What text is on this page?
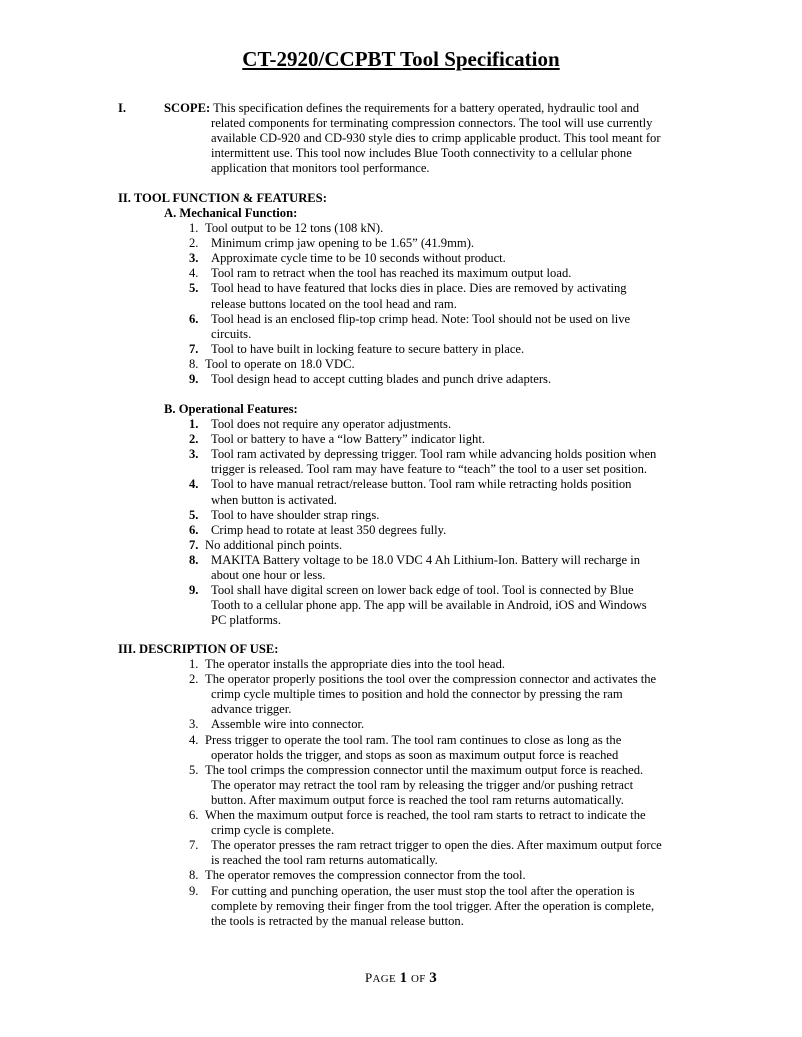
CT-2920/CCPBT Tool Specification
I.	SCOPE: This specification defines the requirements for a battery operated, hydraulic tool and
related components for terminating compression connectors. The tool will use currently
available CD-920 and CD-930 style dies to crimp applicable product. This tool meant for
intermittent use. This tool now includes Blue Tooth connectivity to a cellular phone
application that monitors tool performance.
II. TOOL FUNCTION & FEATURES:
A. Mechanical Function:
1. Tool output to be 12 tons (108 kN).
2. Minimum crimp jaw opening to be 1.65” (41.9mm).
3. Approximate cycle time to be 10 seconds without product.
4. Tool ram to retract when the tool has reached its maximum output load.
5. Tool head to have featured that locks dies in place. Dies are removed by activating
release buttons located on the tool head and ram.
6. Tool head is an enclosed flip-top crimp head. Note: Tool should not be used on live
circuits.
7. Tool to have built in locking feature to secure battery in place.
8. Tool to operate on 18.0 VDC.
9. Tool design head to accept cutting blades and punch drive adapters.
B. Operational Features:
1. Tool does not require any operator adjustments.
2. Tool or battery to have a “low Battery” indicator light.
3. Tool ram activated by depressing trigger. Tool ram while advancing holds position when
trigger is released. Tool ram may have feature to “teach” the tool to a user set position.
4. Tool to have manual retract/release button. Tool ram while retracting holds position
when button is activated.
5. Tool to have shoulder strap rings.
6. Crimp head to rotate at least 350 degrees fully.
7. No additional pinch points.
8. MAKITA Battery voltage to be 18.0 VDC 4 Ah Lithium-Ion. Battery will recharge in
about one hour or less.
9. Tool shall have digital screen on lower back edge of tool. Tool is connected by Blue
Tooth to a cellular phone app. The app will be available in Android, iOS and Windows
PC platforms.
III. DESCRIPTION OF USE:
1. The operator installs the appropriate dies into the tool head.
2. The operator properly positions the tool over the compression connector and activates the
crimp cycle multiple times to position and hold the connector by pressing the ram
advance trigger.
3. Assemble wire into connector.
4. Press trigger to operate the tool ram. The tool ram continues to close as long as the
operator holds the trigger, and stops as soon as maximum output force is reached
5. The tool crimps the compression connector until the maximum output force is reached.
The operator may retract the tool ram by releasing the trigger and/or pushing retract
button. After maximum output force is reached the tool ram returns automatically.
6. When the maximum output force is reached, the tool ram starts to retract to indicate the
crimp cycle is complete.
7. The operator presses the ram retract trigger to open the dies. After maximum output force
is reached the tool ram returns automatically.
8. The operator removes the compression connector from the tool.
9. For cutting and punching operation, the user must stop the tool after the operation is
complete by removing their finger from the tool trigger. After the operation is complete,
the tools is retracted by the manual release button.
PAGE 1 OF 3
